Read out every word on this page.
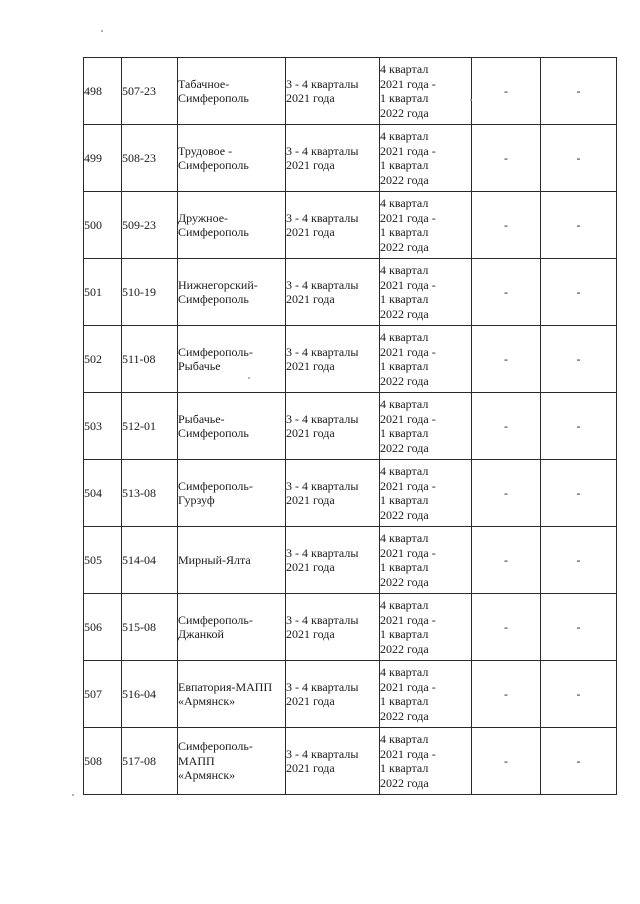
498	507-23	Табачное-
Симферополь	3 - 4 кварталы
2021 года	4 квартал
2021 года -
1 квартал
2022 года	-	-

499	508-23	Трудовое -
Симферополь	3 - 4 кварталы
2021 года	4 квартал
2021 года -
1 квартал
2022 года	-	-

500	509-23	Дружное-
Симферополь	3 - 4 кварталы
2021 года	4 квартал
2021 года -
1 квартал
2022 года	-	-

501	510-19	Нижнегорский-
Симферополь	3 - 4 кварталы
2021 года	4 квартал
2021 года -
1 квартал
2022 года	-	-

502	511-08	Симферополь-
Рыбачье	3 - 4 кварталы
2021 года	4 квартал
2021 года -
1 квартал
2022 года	-	-

503	512-01	Рыбачье-
Симферополь	3 - 4 кварталы
2021 года	4 квартал
2021 года -
1 квартал
2022 года	-	-

504	513-08	Симферополь-
Гурзуф	3 - 4 кварталы
2021 года	4 квартал
2021 года -
1 квартал
2022 года	-	-

505	514-04	Мирный-Ялта	3 - 4 кварталы
2021 года	4 квартал
2021 года -
1 квартал
2022 года	-	-

506	515-08	Симферополь-
Джанкой	3 - 4 кварталы
2021 года	4 квартал
2021 года -
1 квартал
2022 года	-	-

507	516-04	Евпатория-МАПП
«Армянск»	3 - 4 кварталы
2021 года	4 квартал
2021 года -
1 квартал
2022 года	-	-

508	517-08	Симферополь-
МАПП
«Армянск»	3 - 4 кварталы
2021 года	4 квартал
2021 года -
1 квартал
2022 года	-	-
